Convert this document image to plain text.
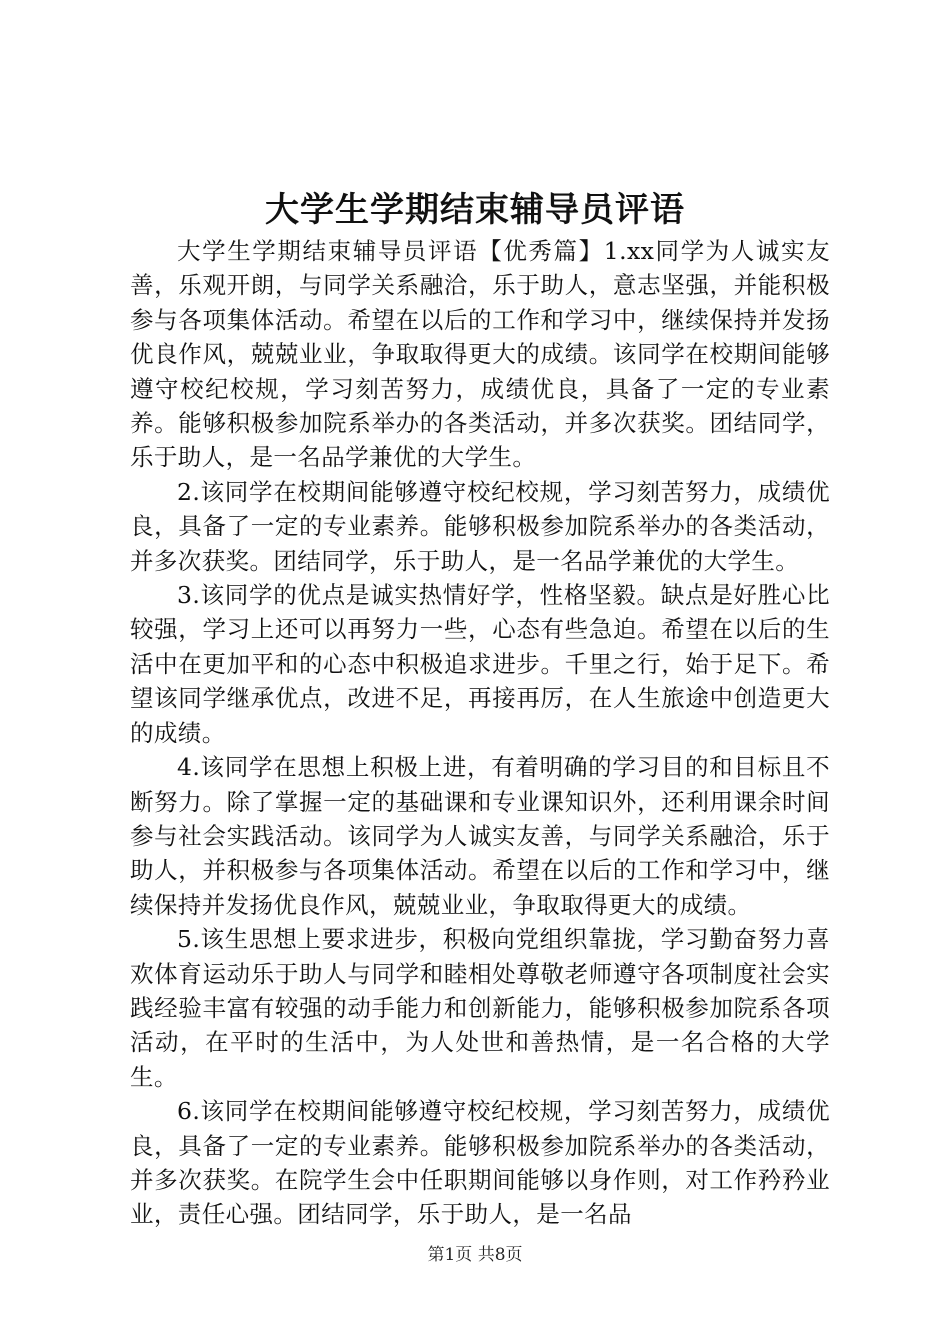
大学生学期结束辅导员评语

大学生学期结束辅导员评语【优秀篇】1.xx同学为人诚实友善，乐观开朗，与同学关系融洽，乐于助人，意志坚强，并能积极参与各项集体活动。希望在以后的工作和学习中，继续保持并发扬优良作风，兢兢业业，争取取得更大的成绩。该同学在校期间能够遵守校纪校规，学习刻苦努力，成绩优良，具备了一定的专业素养。能够积极参加院系举办的各类活动，并多次获奖。团结同学，乐于助人，是一名品学兼优的大学生。

2.该同学在校期间能够遵守校纪校规，学习刻苦努力，成绩优良，具备了一定的专业素养。能够积极参加院系举办的各类活动，并多次获奖。团结同学，乐于助人，是一名品学兼优的大学生。

3.该同学的优点是诚实热情好学，性格坚毅。缺点是好胜心比较强，学习上还可以再努力一些，心态有些急迫。希望在以后的生活中在更加平和的心态中积极追求进步。千里之行，始于足下。希望该同学继承优点，改进不足，再接再厉，在人生旅途中创造更大的成绩。

4.该同学在思想上积极上进，有着明确的学习目的和目标且不断努力。除了掌握一定的基础课和专业课知识外，还利用课余时间参与社会实践活动。该同学为人诚实友善，与同学关系融洽，乐于助人，并积极参与各项集体活动。希望在以后的工作和学习中，继续保持并发扬优良作风，兢兢业业，争取取得更大的成绩。

5.该生思想上要求进步，积极向党组织靠拢，学习勤奋努力喜欢体育运动乐于助人与同学和睦相处尊敬老师遵守各项制度社会实践经验丰富有较强的动手能力和创新能力，能够积极参加院系各项活动，在平时的生活中，为人处世和善热情，是一名合格的大学生。

6.该同学在校期间能够遵守校纪校规，学习刻苦努力，成绩优良，具备了一定的专业素养。能够积极参加院系举办的各类活动，并多次获奖。在院学生会中任职期间能够以身作则，对工作矜矜业业，责任心强。团结同学，乐于助人，是一名品

第1页 共8页
